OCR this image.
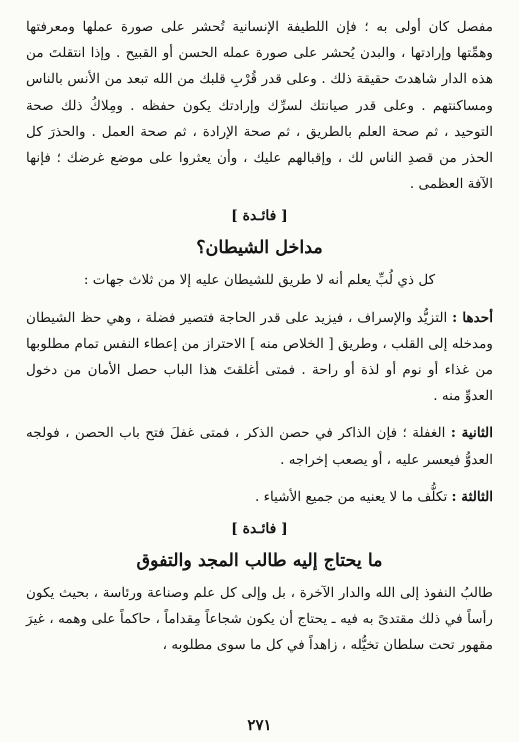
مفصل كان أولى به ؛ فإن اللطيفة الإنسانية تُحشر على صورة عملها ومعرفتها وهمِّتها وإرادتها ، والبدن يُحشر على صورة عمله الحسن أو القبيح . وإذا انتقلتَ من هذه الدار شاهدتَ حقيقة ذلك . وعلى قدر قُرْبِ قلبك من الله تبعد من الأنس بالناس ومساكنتهم . وعلى قدر صيانتك لسرِّك وإرادتك يكون حفظه . ومِلاكُ ذلك صحة التوحيد ، ثم صحة العلم بالطريق ، ثم صحة الإرادة ، ثم صحة العمل . والحذرَ كل الحذر من قصدِ الناس لك ، وإقبالهم عليك ، وأن يعثروا على موضع غرضك ؛ فإنها الآفة العظمى .

[ فائـدة ]
مداخل الشيطان؟

كل ذي لُبِّ يعلم أنه لا طريق للشيطان عليه إلا من ثلاث جهات :

أحدها : التزيُّد والإسراف ، فيزيد على قدر الحاجة فتصير فضلة ، وهي حظ الشيطان ومدخله إلى القلب ، وطريق [ الخلاص منه ] الاحتراز من إعطاء النفس تمام مطلوبها من غذاء أو نوم أو لذة أو راحة . فمتى أغلقتَ هذا الباب حصل الأمان من دخول العدوِّ منه .

الثانية : الغفلة ؛ فإن الذاكر في حصن الذكر ، فمتى غفلَ فتح باب الحصن ، فولجه العدوُّ فيعسر عليه ، أو يصعب إخراجه .

الثالثة : تكلُّف ما لا يعنيه من جميع الأشياء .

[ فائـدة ]
ما يحتاج إليه طالب المجد والتفوق

طالبُ النفوذ إلى الله والدار الآخرة ، بل وإلى كل علم وصناعة ورئاسة ، بحيث يكون رأساً في ذلك مقتدىً به فيه ـ يحتاج أن يكون شجاعاً مِقداماً ، حاكماً على وهمه ، غيرَ مقهور تحت سلطان تخيُّله ، زاهداً في كل ما سوى مطلوبه ،

٢٧١
